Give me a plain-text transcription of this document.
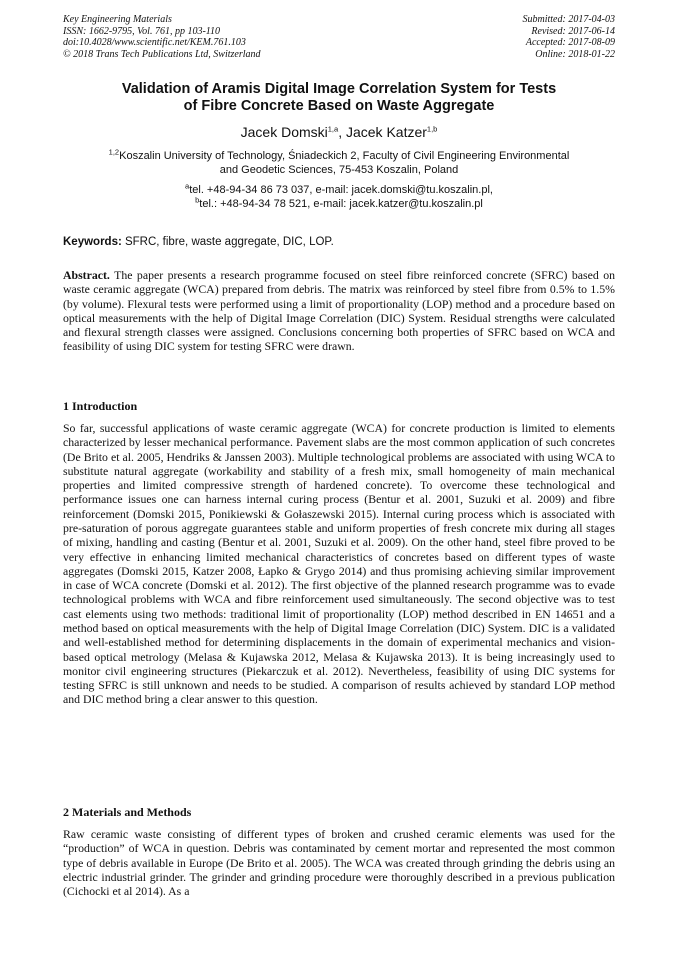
Key Engineering Materials
ISSN: 1662-9795, Vol. 761, pp 103-110
doi:10.4028/www.scientific.net/KEM.761.103
© 2018 Trans Tech Publications Ltd, Switzerland
Submitted: 2017-04-03
Revised: 2017-06-14
Accepted: 2017-08-09
Online: 2018-01-22
Validation of Aramis Digital Image Correlation System for Tests
of Fibre Concrete Based on Waste Aggregate
Jacek Domski$^{1,a}$, Jacek Katzer$^{1,b}$
$^{1,2}$Koszalin University of Technology, Śniadeckich 2, Faculty of Civil Engineering Environmental
and Geodetic Sciences, 75-453 Koszalin, Poland
$^a$tel. +48-94-34 86 73 037, e-mail: jacek.domski@tu.koszalin.pl,
$^b$tel.: +48-94-34 78 521, e-mail: jacek.katzer@tu.koszalin.pl
Keywords: SFRC, fibre, waste aggregate, DIC, LOP.
Abstract. The paper presents a research programme focused on steel fibre reinforced concrete (SFRC) based on waste ceramic aggregate (WCA) prepared from debris. The matrix was reinforced by steel fibre from 0.5% to 1.5% (by volume). Flexural tests were performed using a limit of proportionality (LOP) method and a procedure based on optical measurements with the help of Digital Image Correlation (DIC) System. Residual strengths were calculated and flexural strength classes were assigned. Conclusions concerning both properties of SFRC based on WCA and feasibility of using DIC system for testing SFRC were drawn.
1 Introduction
So far, successful applications of waste ceramic aggregate (WCA) for concrete production is limited to elements characterized by lesser mechanical performance. Pavement slabs are the most common application of such concretes (De Brito et al. 2005, Hendriks & Janssen 2003). Multiple technological problems are associated with using WCA to substitute natural aggregate (workability and stability of a fresh mix, small homogeneity of main mechanical properties and limited compressive strength of hardened concrete). To overcome these technological and performance issues one can harness internal curing process (Bentur et al. 2001, Suzuki et al. 2009) and fibre reinforcement (Domski 2015, Ponikiewski & Gołaszewski 2015). Internal curing process which is associated with pre-saturation of porous aggregate guarantees stable and uniform properties of fresh concrete mix during all stages of mixing, handling and casting (Bentur et al. 2001, Suzuki et al. 2009). On the other hand, steel fibre proved to be very effective in enhancing limited mechanical characteristics of concretes based on different types of waste aggregates (Domski 2015, Katzer 2008, Łapko & Grygo 2014) and thus promising achieving similar improvement in case of WCA concrete (Domski et al. 2012). The first objective of the planned research programme was to evade technological problems with WCA and fibre reinforcement used simultaneously. The second objective was to test cast elements using two methods: traditional limit of proportionality (LOP) method described in EN 14651 and a method based on optical measurements with the help of Digital Image Correlation (DIC) System. DIC is a validated and well-established method for determining displacements in the domain of experimental mechanics and vision-based optical metrology (Melasa & Kujawska 2012, Melasa & Kujawska 2013). It is being increasingly used to monitor civil engineering structures (Piekarczuk et al. 2012). Nevertheless, feasibility of using DIC systems for testing SFRC is still unknown and needs to be studied. A comparison of results achieved by standard LOP method and DIC method bring a clear answer to this question.
2 Materials and Methods
Raw ceramic waste consisting of different types of broken and crushed ceramic elements was used for the “production” of WCA in question. Debris was contaminated by cement mortar and represented the most common type of debris available in Europe (De Brito et al. 2005). The WCA was created through grinding the debris using an electric industrial grinder. The grinder and grinding procedure were thoroughly described in a previous publication (Cichocki et al 2014). As a
